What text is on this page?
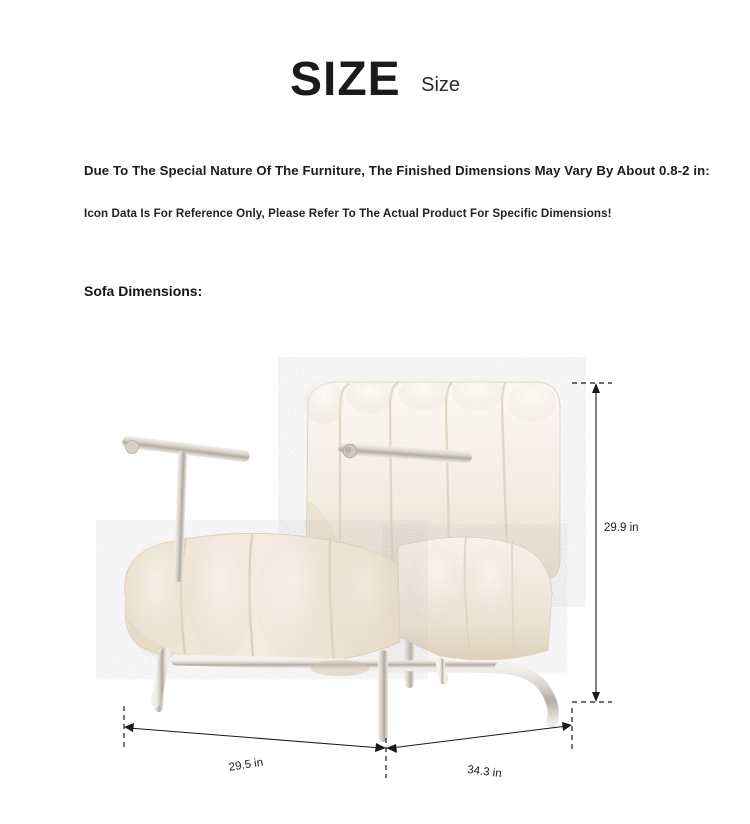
SIZE Size
Due To The Special Nature Of The Furniture, The Finished Dimensions May Vary By About 0.8-2 in:
Icon Data Is For Reference Only, Please Refer To The Actual Product For Specific Dimensions!
Sofa Dimensions:
29.9 in
29.5 in	34.3 in
